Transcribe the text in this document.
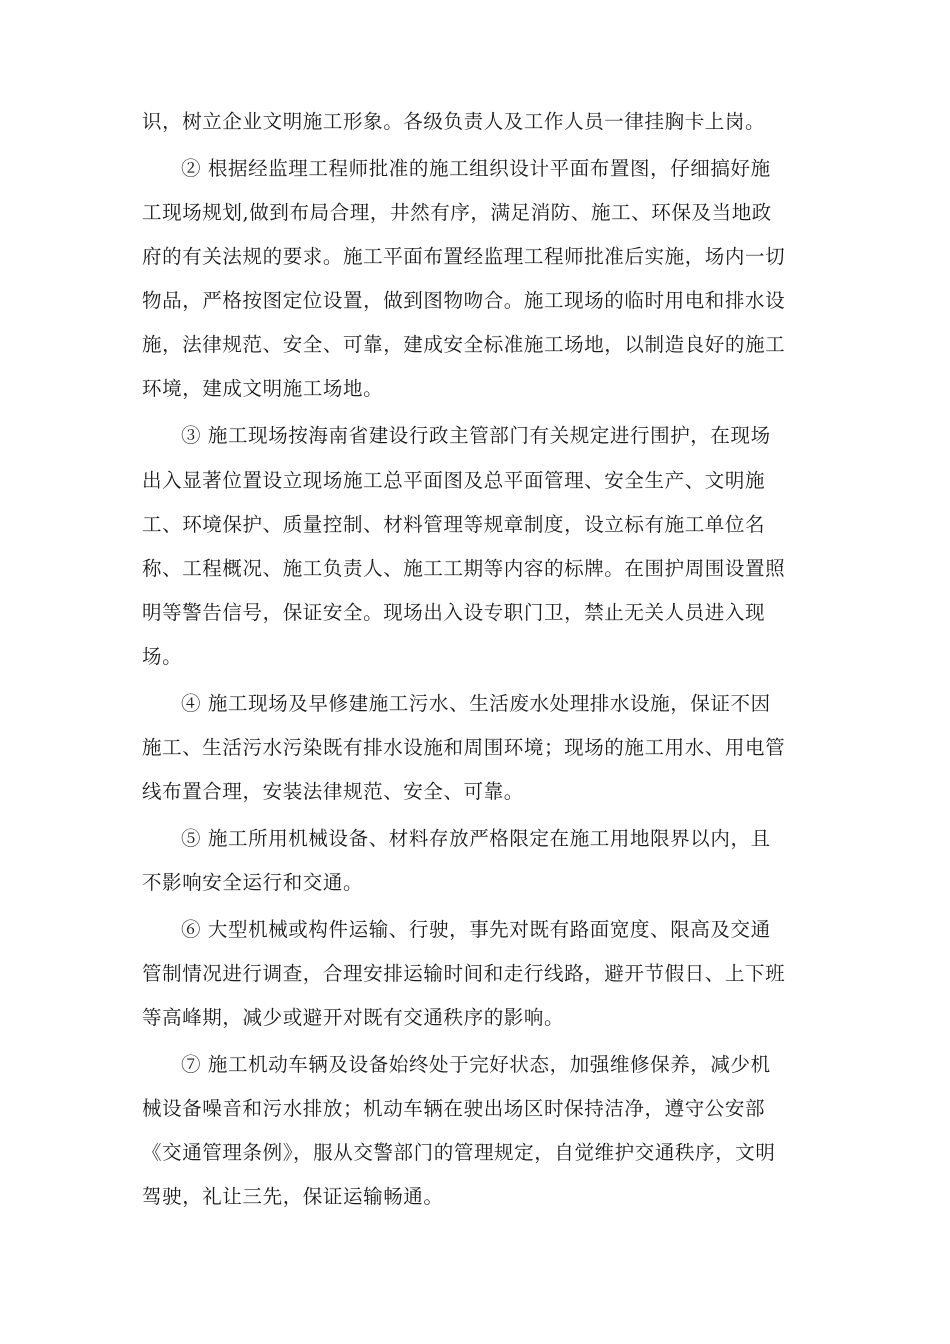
识，树立企业文明施工形象。各级负责人及工作人员一律挂胸卡上岗。
② 根据经监理工程师批准的施工组织设计平面布置图，仔细搞好施
工现场规划,做到布局合理，井然有序，满足消防、施工、环保及当地政
府的有关法规的要求。施工平面布置经监理工程师批准后实施，场内一切
物品，严格按图定位设置，做到图物吻合。施工现场的临时用电和排水设
施，法律规范、安全、可靠，建成安全标准施工场地，以制造良好的施工
环境，建成文明施工场地。
③ 施工现场按海南省建设行政主管部门有关规定进行围护，在现场
出入显著位置设立现场施工总平面图及总平面管理、安全生产、文明施
工、环境保护、质量控制、材料管理等规章制度，设立标有施工单位名
称、工程概况、施工负责人、施工工期等内容的标牌。在围护周围设置照
明等警告信号，保证安全。现场出入设专职门卫，禁止无关人员进入现
场。
④ 施工现场及早修建施工污水、生活废水处理排水设施，保证不因
施工、生活污水污染既有排水设施和周围环境；现场的施工用水、用电管
线布置合理，安装法律规范、安全、可靠。
⑤ 施工所用机械设备、材料存放严格限定在施工用地限界以内，且
不影响安全运行和交通。
⑥ 大型机械或构件运输、行驶，事先对既有路面宽度、限高及交通
管制情况进行调查，合理安排运输时间和走行线路，避开节假日、上下班
等高峰期，减少或避开对既有交通秩序的影响。
⑦ 施工机动车辆及设备始终处于完好状态，加强维修保养，减少机
械设备噪音和污水排放；机动车辆在驶出场区时保持洁净，遵守公安部
《交通管理条例》，服从交警部门的管理规定，自觉维护交通秩序，文明
驾驶，礼让三先，保证运输畅通。
